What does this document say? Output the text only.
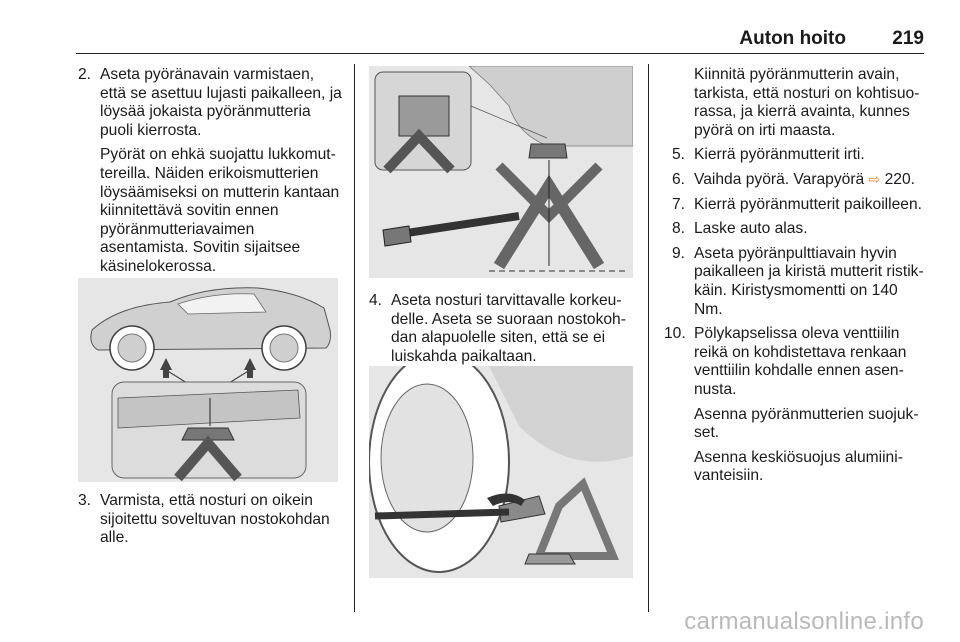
Auton hoito 219
2. Aseta pyöränavain varmistaen, että se asettuu lujasti paikalleen, ja löysää jokaista pyöränmutteria puoli kierrosta.
Pyörät on ehkä suojattu lukkomuttereilla. Näiden erikoismutterien löysäämiseksi on mutterin kantaan kiinnitettävä sovitin ennen pyöränmutteriavaimen asentamista. Sovitin sijaitsee käsinelokerossa.
3. Varmista, että nosturi on oikein sijoitettu soveltuvan nostokohdan alle.
4. Aseta nosturi tarvittavalle korkeudelle. Aseta se suoraan nostokohdan alapuolelle siten, että se ei luiskahda paikaltaan.
Kiinnitä pyöränmutterin avain, tarkista, että nosturi on kohtisuorassa, ja kierrä avainta, kunnes pyörä on irti maasta.
5. Kierrä pyöränmutterit irti.
6. Vaihda pyörä. Varapyörä ⇨ 220.
7. Kierrä pyöränmutterit paikoilleen.
8. Laske auto alas.
9. Aseta pyöränpulttiavain hyvin paikalleen ja kiristä mutterit ristikkäin. Kiristysmomentti on 140 Nm.
10. Pölykapselissa oleva venttiilin reikä on kohdistettava renkaan venttiilin kohdalle ennen asennusta.
Asenna pyöränmutterien suojukset.
Asenna keskiösuojus alumiinivanteisiin.
carmanualsonline.info
